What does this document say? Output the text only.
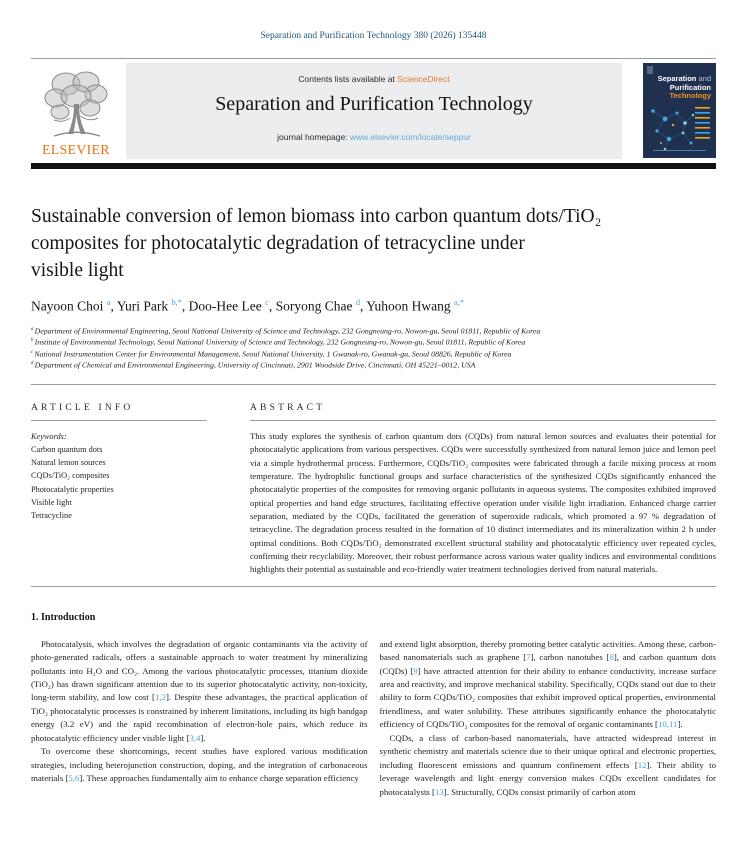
Separation and Purification Technology 380 (2026) 135448
ELSEVIER
Contents lists available at ScienceDirect
Separation and Purification Technology
journal homepage: www.elsevier.com/locate/seppur
Separation and
Purification
Technology
Sustainable conversion of lemon biomass into carbon quantum dots/TiO₂
composites for photocatalytic degradation of tetracycline under
visible light
Nayoon Choi $^a$, Yuri Park $^{b,*}$, Doo-Hee Lee $^c$, Soryong Chae $^d$, Yuhoon Hwang $^{a,*}$
$^a$ Department of Environmental Engineering, Seoul National University of Science and Technology, 232 Gongneung-ro, Nowon-gu, Seoul 01811, Republic of Korea
$^b$ Institute of Environmental Technology, Seoul National University of Science and Technology, 232 Gongneung-ro, Nowon-gu, Seoul 01811, Republic of Korea
$^c$ National Instrumentation Center for Environmental Management, Seoul National University, 1 Gwanak-ro, Gwanak-gu, Seoul 08826, Republic of Korea
$^d$ Department of Chemical and Environmental Engineering, University of Cincinnati, 2901 Woodside Drive, Cincinnati, OH 45221–0012, USA
ARTICLE INFO
Keywords:
Carbon quantum dots
Natural lemon sources
CQDs/TiO₂ composites
Photocatalytic properties
Visible light
Tetracycline
ABSTRACT
This study explores the synthesis of carbon quantum dots (CQDs) from natural lemon sources and evaluates their potential for photocatalytic applications from various perspectives. CQDs were successfully synthesized from natural lemon juice and lemon peel via a simple hydrothermal process. Furthermore, CQDs/TiO₂ composites were fabricated through a facile mixing process at room temperature. The hydrophilic functional groups and surface characteristics of the synthesized CQDs significantly enhanced the photocatalytic properties of the composites for removing organic pollutants in aqueous systems. The composites exhibited improved optical properties and band edge structures, facilitating effective operation under visible light irradiation. Enhanced charge carrier separation, mediated by the CQDs, facilitated the generation of superoxide radicals, which promoted a 97 % degradation of tetracycline. The degradation process resulted in the formation of 10 distinct intermediates and its mineralization within 2 h under optimal conditions. Both CQDs/TiO₂ demonstrated excellent structural stability and photocatalytic efficiency over repeated cycles, confirming their recyclability. Moreover, their robust performance across various water quality indices and environmental conditions highlights their potential as sustainable and eco-friendly water treatment technologies derived from natural materials.
1. Introduction

Photocatalysis, which involves the degradation of organic contaminants via the activity of photo-generated radicals, offers a sustainable approach to water treatment by mineralizing pollutants into H₂O and CO₂. Among the various photocatalytic processes, titanium dioxide (TiO₂) has drawn significant attention due to its superior photocatalytic activity, non-toxicity, long-term stability, and low cost [1,2]. Despite these advantages, the practical application of TiO₂ photocatalytic processes is constrained by inherent limitations, including its high bandgap energy (3.2 eV) and the rapid recombination of electron-hole pairs, which reduce its photocatalytic efficiency under visible light [3,4].

To overcome these shortcomings, recent studies have explored various modification strategies, including heterojunction construction, doping, and the integration of carbonaceous materials [5,6]. These approaches fundamentally aim to enhance charge separation efficiency

and extend light absorption, thereby promoting better catalytic activities. Among these, carbon-based nanomaterials such as graphene [7], carbon nanotubes [8], and carbon quantum dots (CQDs) [9] have attracted attention for their ability to enhance conductivity, increase surface area and reactivity, and improve mechanical stability. Specifically, CQDs stand out due to their ability to form CQDs/TiO₂ composites that exhibit improved optical properties, environmental friendliness, and water solubility. These attributes significantly enhance the photocatalytic efficiency of CQDs/TiO₂ composites for the removal of organic contaminants [10,11].

CQDs, a class of carbon-based nanomaterials, have attracted widespread interest in synthetic chemistry and materials science due to their unique optical and electronic properties, including fluorescent emissions and quantum confinement effects [12]. Their ability to leverage wavelength and light energy conversion makes CQDs excellent candidates for photocatalysts [13]. Structurally, CQDs consist primarily of carbon atom
